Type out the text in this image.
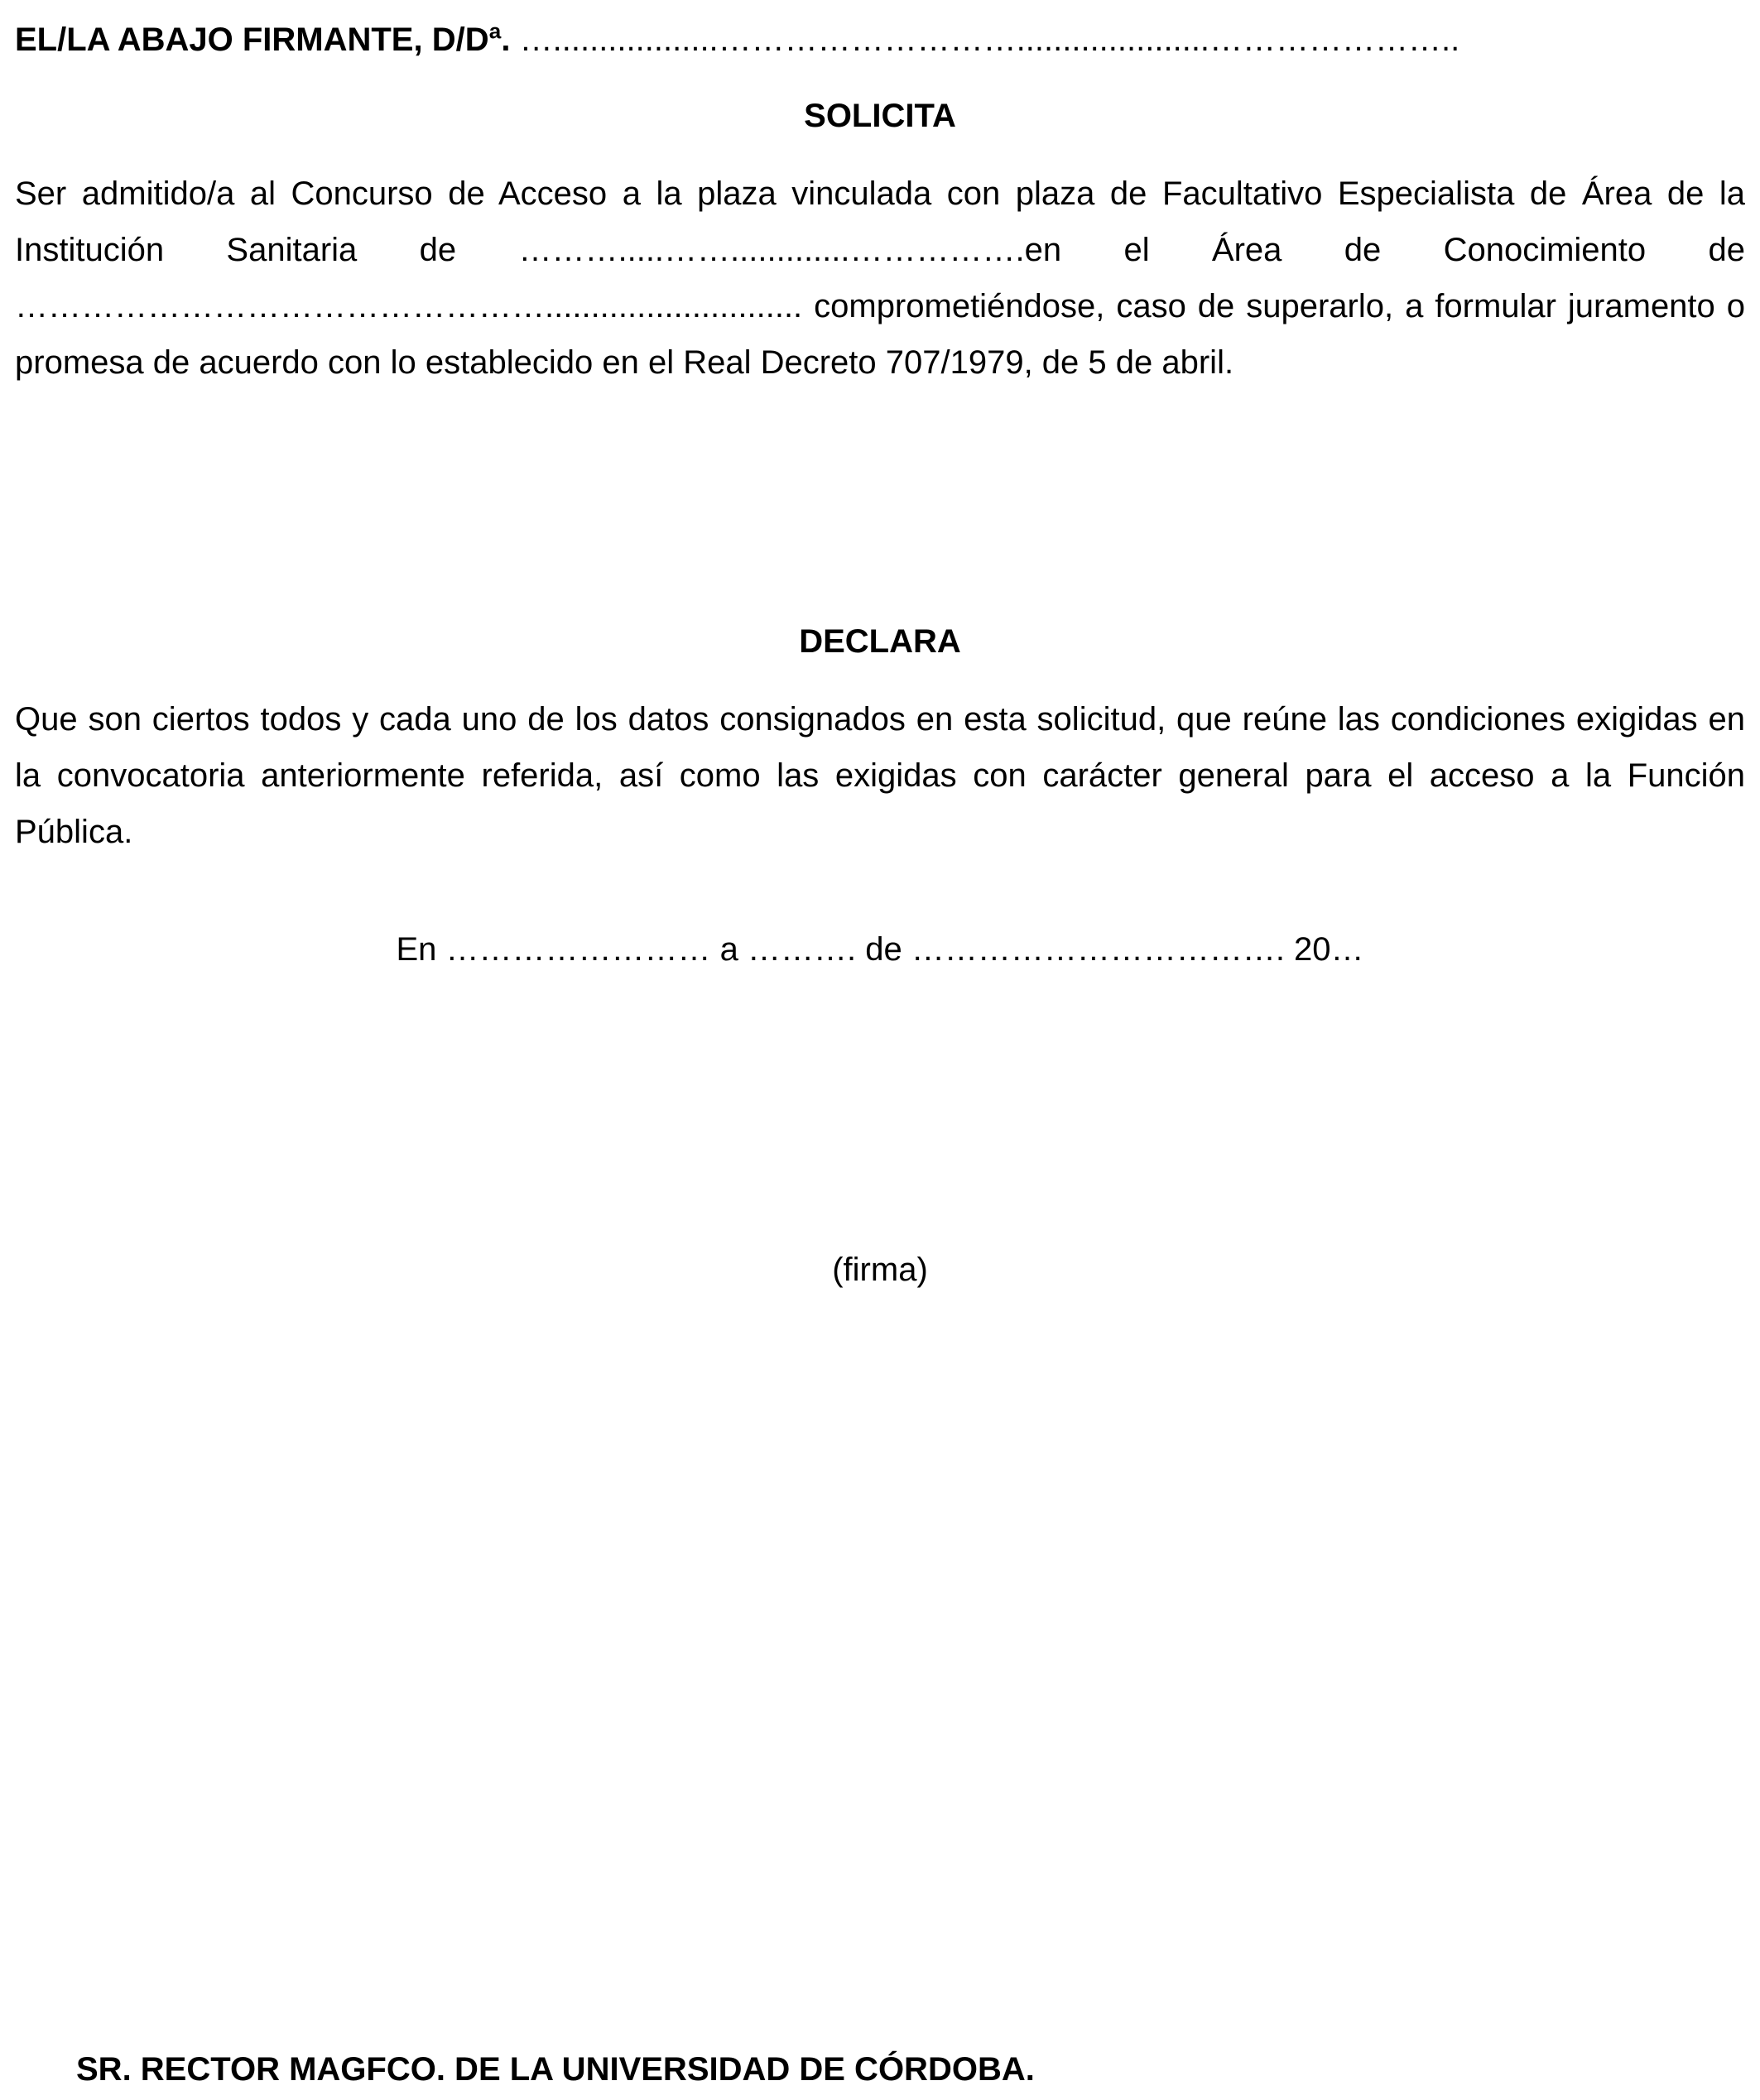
EL/LA ABAJO FIRMANTE, D/Dª. …..................……………………….....................…………………..
SOLICITA
Ser admitido/a al Concurso de Acceso a la plaza vinculada con plaza de Facultativo Especialista de Área de la Institución Sanitaria de ……….....…….............…………….en el Área de Conocimiento de …………………………………………............................ comprometiéndose, caso de superarlo, a formular juramento o promesa de acuerdo con lo establecido en el Real Decreto 707/1979, de 5 de abril.
DECLARA
Que son ciertos todos y cada uno de los datos consignados en esta solicitud, que reúne las condiciones exigidas en la convocatoria anteriormente referida, así como las exigidas con carácter general para el acceso a la Función Pública.
En …………………… a ………. de ……………………………. 20…
(firma)
SR. RECTOR MAGFCO. DE LA UNIVERSIDAD DE CÓRDOBA.
